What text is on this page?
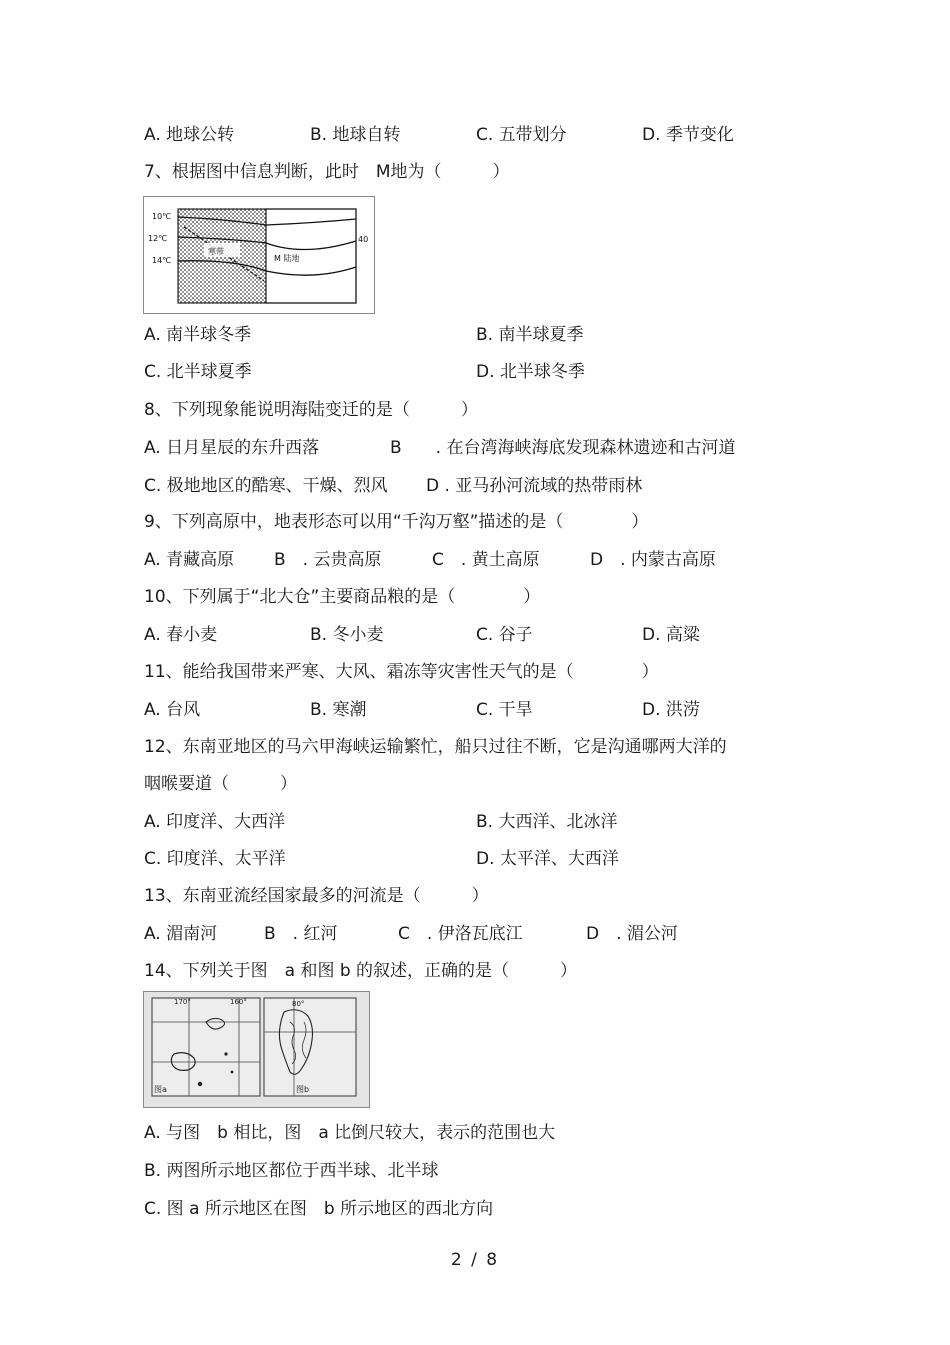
A. 地球公转	B. 地球自转	C. 五带划分	D. 季节变化
7、根据图中信息判断，此时　M地为（　　　）
10℃
12℃
14℃
寒带
M 陆地
40
A. 南半球冬季	B. 南半球夏季
C. 北半球夏季	D. 北半球冬季
8、下列现象能说明海陆变迁的是（　　　）
A. 日月星辰的东升西落	B　　. 在台湾海峡海底发现森林遗迹和古河道
C. 极地地区的酷寒、干燥、烈风 D . 亚马孙河流域的热带雨林
9、下列高原中，地表形态可以用“千沟万壑”描述的是（　　　　）
A. 青藏高原 B　. 云贵高原	C　. 黄土高原	D　. 内蒙古高原
10、下列属于“北大仓”主要商品粮的是（　　　　）
A. 春小麦	B. 冬小麦	C. 谷子	D. 高粱
11、能给我国带来严寒、大风、霜冻等灾害性天气的是（　　　　）
A. 台风	B. 寒潮	C. 干旱	D. 洪涝
12、东南亚地区的马六甲海峡运输繁忙，船只过往不断，它是沟通哪两大洋的
咽喉要道（　　　）
A. 印度洋、大西洋	B. 大西洋、北冰洋
C. 印度洋、太平洋	D. 太平洋、大西洋
13、东南亚流经国家最多的河流是（　　　）
A. 湄南河	B　. 红河	C　. 伊洛瓦底江	D　. 湄公河
14、下列关于图　a 和图 b 的叙述，正确的是（　　　）
170°	160°
图a
80°
图b
A. 与图　b 相比，图　a 比倒尺较大，表示的范围也大
B. 两图所示地区都位于西半球、北半球
C. 图 a 所示地区在图　b 所示地区的西北方向
2 / 8
